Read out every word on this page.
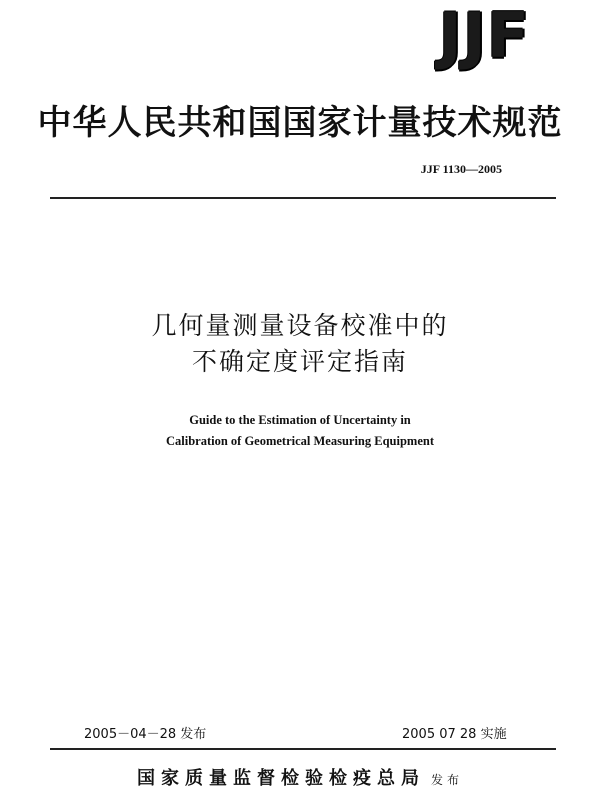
JJF
中华人民共和国国家计量技术规范
JJF 1130—2005
几何量测量设备校准中的
不确定度评定指南
Guide to the Estimation of Uncertainty in
Calibration of Geometrical Measuring Equipment
2005－04－28 发布	2005 07 28 实施
国家质量监督检验检疫总局 发布
